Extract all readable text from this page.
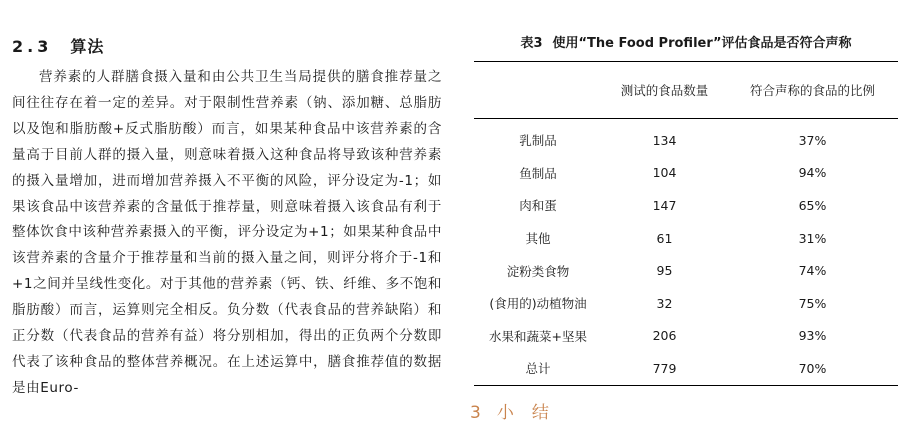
2.3 算法

营养素的人群膳食摄入量和由公共卫生当局提供的膳食推荐量之间往往存在着一定的差异。对于限制性营养素（钠、添加糖、总脂肪以及饱和脂肪酸+反式脂肪酸）而言，如果某种食品中该营养素的含量高于目前人群的摄入量，则意味着摄入这种食品将导致该种营养素的摄入量增加，进而增加营养摄入不平衡的风险，评分设定为-1；如果该食品中该营养素的含量低于推荐量，则意味着摄入该食品有利于整体饮食中该种营养素摄入的平衡，评分设定为+1；如果某种食品中该营养素的含量介于推荐量和当前的摄入量之间，则评分将介于-1和+1之间并呈线性变化。对于其他的营养素（钙、铁、纤维、多不饱和脂肪酸）而言，运算则完全相反。负分数（代表食品的营养缺陷）和正分数（代表食品的营养有益）将分别相加，得出的正负两个分数即代表了该种食品的整体营养概况。在上述运算中，膳食推荐值的数据是由Euro-

表3 使用“The Food Profiler”评估食品是否符合声称
	测试的食品数量	符合声称的食品的比例
乳制品	134	37%
鱼制品	104	94%
肉和蛋	147	65%
其他	61	31%
淀粉类食物	95	74%
(食用的)动植物油	32	75%
水果和蔬菜+坚果	206	93%
总计	779	70%
3 小 结
